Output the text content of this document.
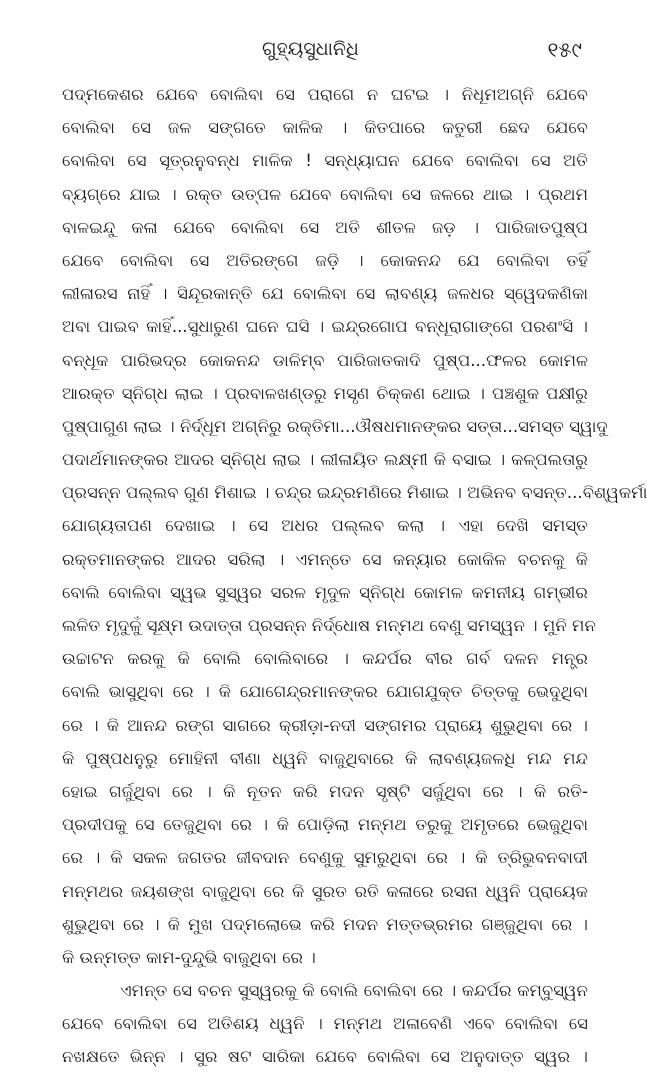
ଗୁହ୍ୟସୁଧାନିଧି	୧୫୯
ପଦ୍ମକେଶର ଯେବେ ବୋଲିବା ସେ ପରାଗେ ନ ଘଟଇ । ନିଧୂମଅଗ୍ନି ଯେବେ
ବୋଲିବା ସେ ଜଳ ସଙ୍ଗତେ କାଳିକ । କିତପାରେ କତୁରୀ ଛେଦ ଯେବେ
ବୋଲିବା ସେ ସୂତ୍ରନୁବନ୍ଧ ମାଳିକ ! ସନ୍ଧ୍ୟାଘନ ଯେବେ ବୋଲିବା ସେ ଅତି
ବ୍ୟଗ୍ରେ ଯାଇ । ରକ୍ତ ଉତ୍ପଳ ଯେବେ ବୋଲିବା ସେ ଜଳରେ ଥାଇ । ପ୍ରଥମ
ବାଳଇନ୍ଦୁ କଳା ଯେବେ ବୋଲିବା ସେ ଅତି ଶୀତଳ ଜଡ଼ । ପାରିଜାତପୁଷ୍ପ
ଯେବେ ବୋଲିବା ସେ ଅତିରଙ୍ଗେ ଜଡ଼ି । କୋକନନ୍ଦ ଯେ ବୋଲିବା ତହିଁ
ଲୀଳାରସ ନାହିଁ । ସିନ୍ଦୂରକାନ୍ତି ଯେ ବୋଲିବା ସେ ଲାବଣ୍ୟ ଜଳଧର ସ୍ୱେଦକଣିକା
ଅବା ପାଇବ କାହିଁ...ସୁଧାରୁଣ ଘନେ ଘସି । ଇନ୍ଦ୍ରଗୋପ ବନ୍ଧୂରାଗାଙ୍ଗେ ପରଶଂସି ।
ବନ୍ଧୂକ ପାରିଭଦ୍ର କୋକନନ୍ଦ ଡାଳିମ୍ବ ପାରିଜାତକାଦି ପୁଷ୍ପ...ଫଳର କୋମଳ
ଆରକ୍ତ ସ୍ନିଗ୍ଧ ଲାଇ । ପ୍ରବାଳଖଣ୍ଡରୁ ମସୃଣ ଚିକ୍କଣ ଥୋଇ । ପଞ୍ଚଶୁକ ପକ୍ଷୀରୁ
ପୁଷ୍ପାଗୁଣ ଲାଇ । ନିର୍ଦ୍ଧୂମ ଅଗ୍ନିରୁ ରକ୍ତିମା...ଔଷଧମାନଙ୍କର ସତ୍ତା...ସମସ୍ତ ସ୍ୱାଦୁ
ପଦାର୍ଥମାନଙ୍କର ଆଦର ସ୍ନିଗ୍ଧ ଲାଇ । ଲୀଳାୟିତ ଲକ୍ଷ୍ମୀ କି ବସାଇ । କଳ୍ପଲତାରୁ
ପ୍ରସନ୍ନ ପଲ୍ଲବ ଗୁଣ ମିଶାଇ । ଚନ୍ଦ୍ର ଇନ୍ଦ୍ରମଣିରେ ମିଶାଇ । ଅଭିନବ ବସନ୍ତ...ବିଶ୍ୱକର୍ମା
ଯୋଗ୍ୟତାପଣ ଦେଖାଇ । ସେ ଅଧର ପଲ୍ଲବ କଲା । ଏହା ଦେଖି ସମସ୍ତ
ରକ୍ତମାନଙ୍କର ଆଦର ସରିଲା । ଏମନ୍ତେ ସେ କନ୍ୟାର କୋକିଳ ବଚନକୁ କି
ବୋଲି ବୋଲିବା ସ୍ୱଭ ସୁସ୍ୱର ସରଳ ମୃଦୁଳ ସ୍ନିଗ୍ଧ କୋମଳ କମନୀୟ ଗମ୍ଭୀର
ଲଳିତ ମୃଦୁଳୁଁ ସୂକ୍ଷ୍ମ ଉଦାତ୍ତା ପ୍ରସନ୍ନ ନିର୍ଦ୍ଧୋଷ ମନ୍ମଥ ବେଣୁ ସମସ୍ୱନ । ମୁନି ମନ
ଉଚ୍ଚାଟନ କରକୁ କି ବୋଲି ବୋଲିବାରେ । କନ୍ଦର୍ପର ବୀର ଗର୍ବ ଦଳନ ମନ୍ତ୍ର
ବୋଲି ଭାସୁଥିବା ରେ । କି ଯୋଗେନ୍ଦ୍ରମାନଙ୍କର ଯୋଗଯୁକ୍ତ ଚିତ୍ତକୁ ଭେଦୁଥିବା
ରେ । କି ଆନନ୍ଦ ରଙ୍ଗ ସାଗରେ କ୍ରୀଡ଼ା-ନଦୀ ସଙ୍ଗମର ପ୍ରାୟେ ଶୁଭୁଥିବା ରେ ।
କି ପୁଷ୍ପଧନୁରୁ ମୋହିନୀ ବୀଣା ଧ୍ୱନି ବାଜୁଥିବାରେ କି ଲାବଣ୍ୟଜଳଧି ମନ୍ଦ ମନ୍ଦ
ହୋଇ ଗର୍ଜୁଥିବା ରେ । କି ନୂତନ କରି ମଦନ ସୃଷ୍ଟି ସର୍ଜୁଥିବା ରେ । କି ରତି-
ପ୍ରଦୀପକୁ ସେ ତେଜୁଥିବା ରେ । କି ପୋଡ଼ିଲା ମନ୍ମଥ ତରୁକୁ ଅମୃତରେ ଭେଜୁଥିବା
ରେ । କି ସକଳ ଜଗତର ଜୀବଦାନ ବେଣୁକୁ ସୁମରୁଥିବା ରେ । କି ତ୍ରିଭୁବନବାଦୀ
ମନ୍ମଥର ଜୟଶଙ୍ଖ ବାଜୁଥିବା ରେ କି ସୁରତ ରତି କଳାରେ ରସନା ଧ୍ୱନି ପ୍ରାୟେକ
ଶୁଭୁଥିବା ରେ । କି ମୁଖ ପଦ୍ମଲୋଭେ କରି ମଦନ ମତ୍ତଭ୍ରମର ଗଞ୍ଜୁଥିବା ରେ ।
କି ଉନ୍ମତ୍ତ କାମ-ଦୁନ୍ଦୁଭି ବାଜୁଥିବା ରେ ।
ଏମନ୍ତ ସେ ବଚନ ସୁସ୍ୱରକୁ କି ବୋଲି ବୋଲିବା ରେ । କନ୍ଦର୍ପର କମ୍ବୁସ୍ୱନ
ଯେବେ ବୋଲିବା ସେ ଅତିଶୟ ଧ୍ୱନି । ମନ୍ମଥ ଅଳାବେଣି ଏବେ ବୋଲିବା ସେ
ନଖକ୍ଷତେ ଭିନ୍ନ । ସୁର ଷଟ ସାରିକା ଯେବେ ବୋଲିବା ସେ ଅନୁଦାତ୍ତ ସ୍ୱର ।
